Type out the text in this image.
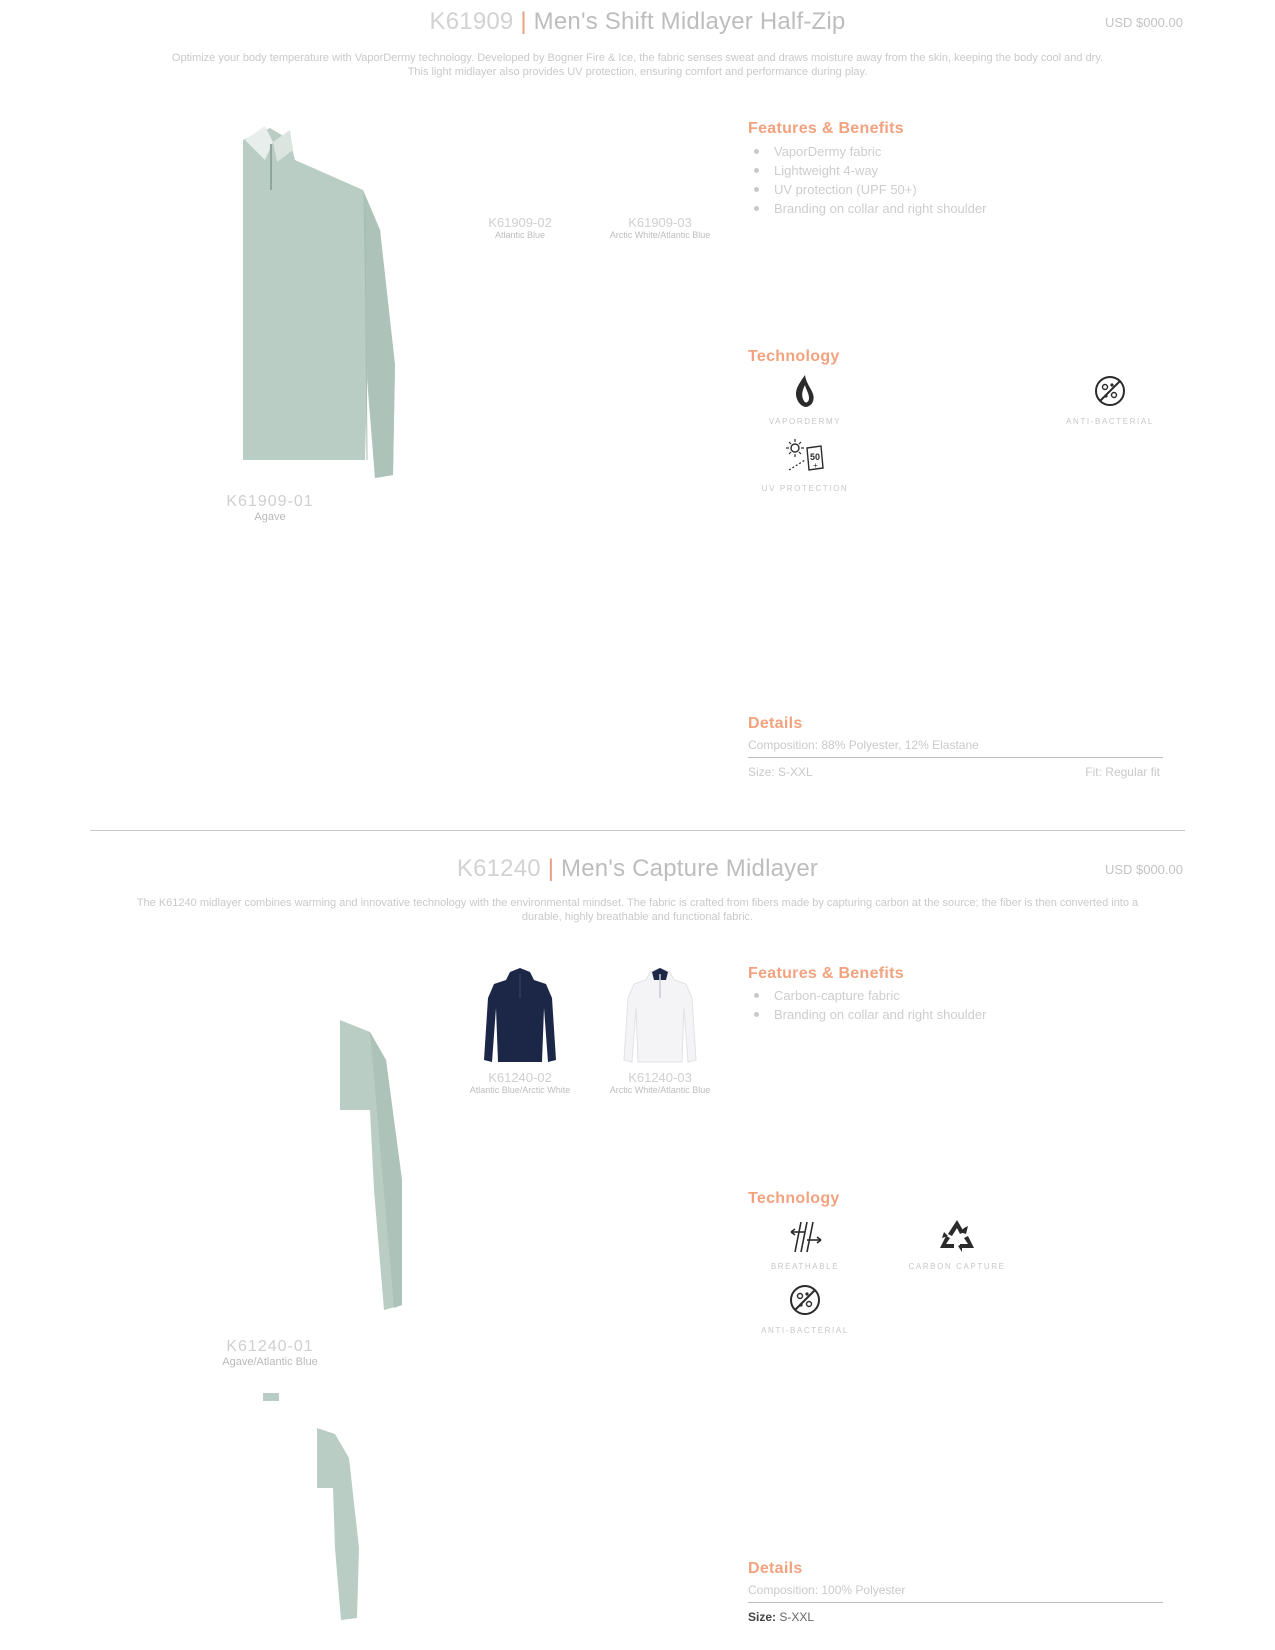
K61909 | Men's Shift Midlayer Half-Zip	USD $000.00
Optimize your body temperature with VaporDermy technology. Developed by Bogner Fire & Ice, the fabric senses sweat and draws moisture away from the skin, keeping the body cool and dry.
This light midlayer also provides UV protection, ensuring comfort and performance during play.
K61909-01
Agave
K61909-02
Atlantic Blue
K61909-03
Arctic White/Atlantic Blue
Features & Benefits
VaporDermy fabric
Lightweight 4-way
UV protection (UPF 50+)
Branding on collar and right shoulder
Technology
VAPORDERMY	ANTI-BACTERIAL
50
+
UV PROTECTION
Details
Composition: 88% Polyester, 12% Elastane
Size: S-XXL	Fit: Regular fit
K61240 | Men's Capture Midlayer	USD $000.00
The K61240 midlayer combines warming and innovative technology with the environmental mindset. The fabric is crafted from fibers made by capturing carbon at the source; the fiber is then converted into a
durable, highly breathable and functional fabric.
K61240-01
Agave/Atlantic Blue
K61240-02
Atlantic Blue/Arctic White
K61240-03
Arctic White/Atlantic Blue
Features & Benefits
Carbon-capture fabric
Branding on collar and right shoulder
Technology
BREATHABLE	CARBON CAPTURE
ANTI-BACTERIAL
Details
Composition: 100% Polyester
Size: S-XXL
